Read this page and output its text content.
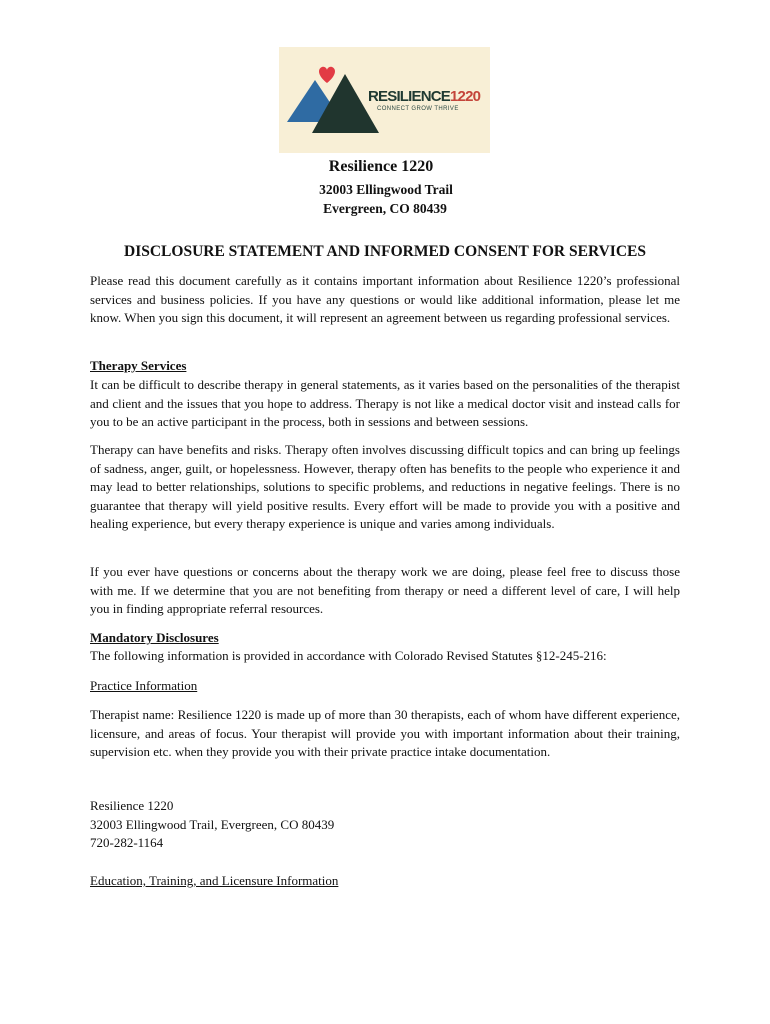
RESILIENCE1220
CONNECT GROW THRIVE
Resilience 1220
32003 Ellingwood Trail
Evergreen, CO 80439
DISCLOSURE STATEMENT AND INFORMED CONSENT FOR SERVICES

Please read this document carefully as it contains important information about Resilience 1220’s professional services and business policies. If you have any questions or would like additional information, please let me know. When you sign this document, it will represent an agreement between us regarding professional services.

Therapy Services

It can be difficult to describe therapy in general statements, as it varies based on the personalities of the therapist and client and the issues that you hope to address. Therapy is not like a medical doctor visit and instead calls for you to be an active participant in the process, both in sessions and between sessions.

Therapy can have benefits and risks. Therapy often involves discussing difficult topics and can bring up feelings of sadness, anger, guilt, or hopelessness. However, therapy often has benefits to the people who experience it and may lead to better relationships, solutions to specific problems, and reductions in negative feelings. There is no guarantee that therapy will yield positive results. Every effort will be made to provide you with a positive and healing experience, but every therapy experience is unique and varies among individuals.

If you ever have questions or concerns about the therapy work we are doing, please feel free to discuss those with me. If we determine that you are not benefiting from therapy or need a different level of care, I will help you in finding appropriate referral resources.

Mandatory Disclosures
The following information is provided in accordance with Colorado Revised Statutes §12-245-216:
Practice Information

Therapist name: Resilience 1220 is made up of more than 30 therapists, each of whom have different experience, licensure, and areas of focus. Your therapist will provide you with important information about their training, supervision etc. when they provide you with their private practice intake documentation.

Resilience 1220
32003 Ellingwood Trail, Evergreen, CO 80439
720-282-1164
Education, Training, and Licensure Information
